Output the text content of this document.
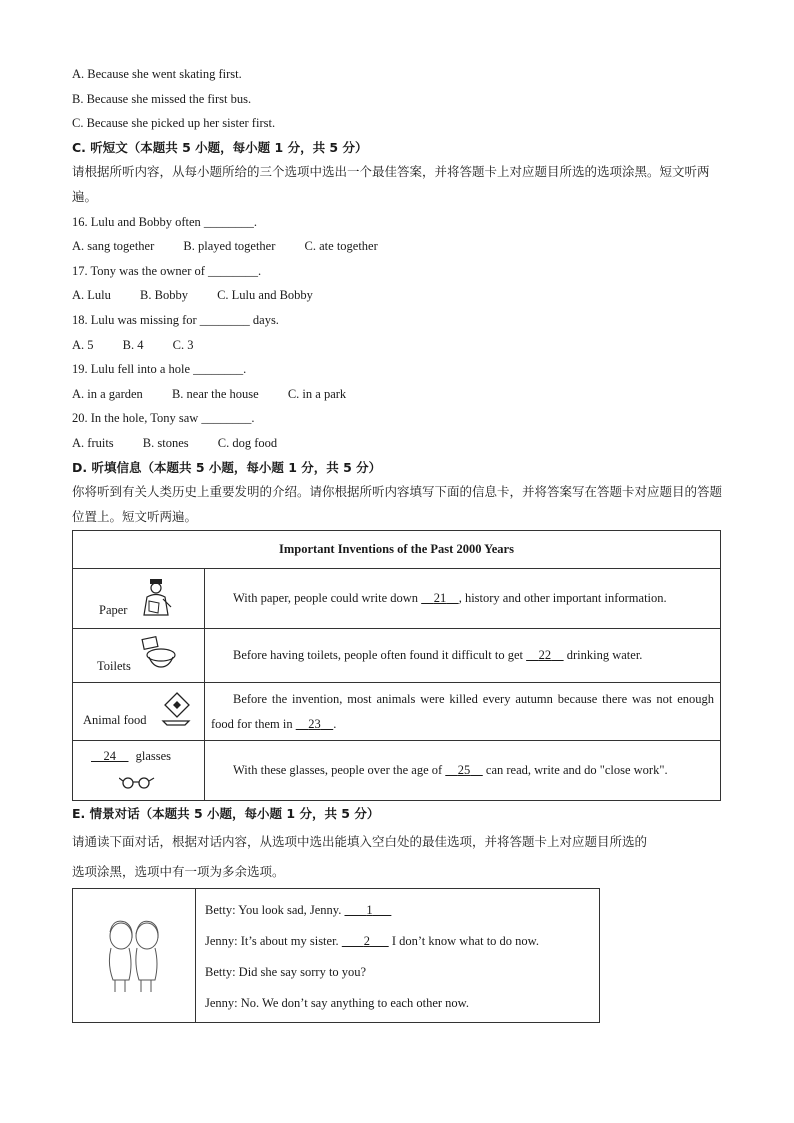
A. Because she went skating first.
B. Because she missed the first bus.
C. Because she picked up her sister first.
C. 听短文（本题共 5 小题，每小题 1 分，共 5 分）
请根据所听内容，从每小题所给的三个选项中选出一个最佳答案，并将答题卡上对应题目所选的选项涂黑。短文听两遍。
16. Lulu and Bobby often ________.
A. sang together B. played together C. ate together
17. Tony was the owner of ________.
A. Lulu B. Bobby C. Lulu and Bobby
18. Lulu was missing for ________ days.
A. 5 B. 4 C. 3
19. Lulu fell into a hole ________.
A. in a garden B. near the house C. in a park
20. In the hole, Tony saw ________.
A. fruits B. stones C. dog food
D. 听填信息（本题共 5 小题，每小题 1 分，共 5 分）
你将听到有关人类历史上重要发明的介绍。请你根据所听内容填写下面的信息卡，并将答案写在答题卡对应题目的答题位置上。短文听两遍。
Important Inventions of the Past 2000 Years	

Paper	With paper, people could write down     21 , history and other important information.

Toilets	Before having toilets, people often found it difficult to get     22     drinking water.

Animal food	Before the invention, most animals were killed every autumn because there was not enough food for them in     23 .

24 glasses	With these glasses, people over the age of     25     can read, write and do "close work".
E. 情景对话（本题共 5 小题，每小题 1 分，共 5 分）
请通读下面对话，根据对话内容，从选项中选出能填入空白处的最佳选项，并将答题卡上对应题目所选的
选项涂黑，选项中有一项为多余选项。

Betty: You look sad, Jenny.        1
Jenny: It’s about my sister.        2       I don’t know what to do now.
Betty: Did she say sorry to you?
Jenny: No. We don’t say anything to each other now.
